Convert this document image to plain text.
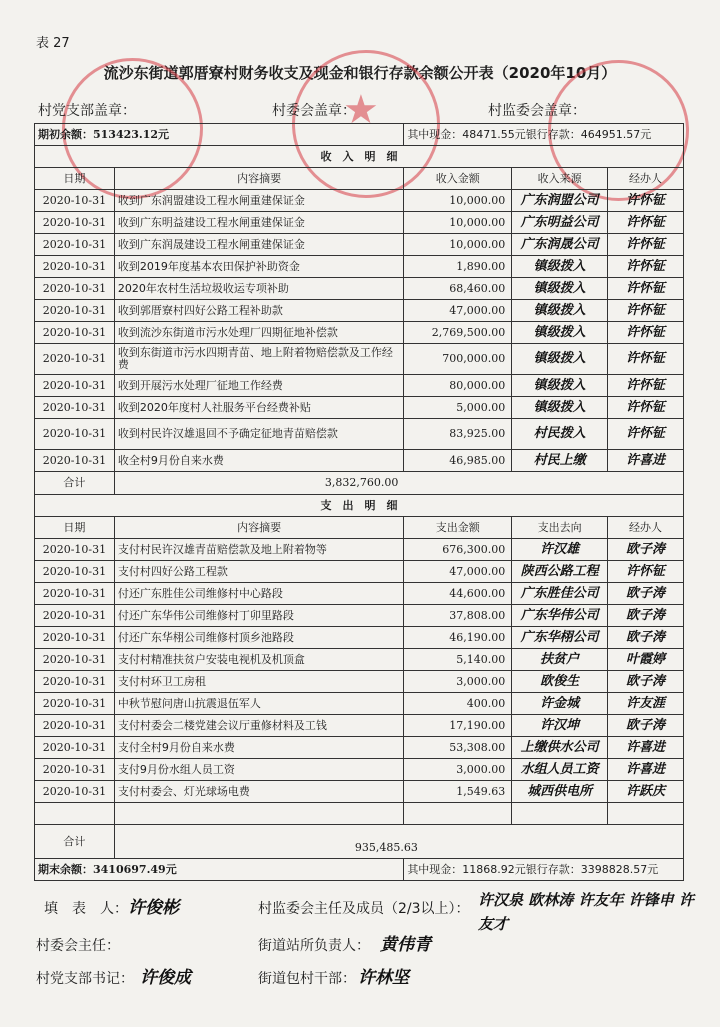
表 27
流沙东街道郭厝寮村财务收支及现金和银行存款余额公开表（2020年10月）
★
村党支部盖章：	村委会盖章：	村监委会盖章：
期初余额：513423.12元		其中现金：48471.55元银行存款：464951.57元		
收　入　明　细				
日期	内容摘要	收入金额	收入来源	经办人
2020-10-31	收到广东润盟建设工程水闸重建保证金	10,000.00	广东润盟公司	许怀钲
2020-10-31	收到广东明益建设工程水闸重建保证金	10,000.00	广东明益公司	许怀钲
2020-10-31	收到广东润晟建设工程水闸重建保证金	10,000.00	广东润晟公司	许怀钲
2020-10-31	收到2019年度基本农田保护补助资金	1,890.00	镇级拨入	许怀钲
2020-10-31	2020年农村生活垃圾收运专项补助	68,460.00	镇级拨入	许怀钲
2020-10-31	收到郭厝寮村四好公路工程补助款	47,000.00	镇级拨入	许怀钲
2020-10-31	收到流沙东街道市污水处理厂四期征地补偿款	2,769,500.00	镇级拨入	许怀钲
2020-10-31	收到东街道市污水四期青苗、地上附着物赔偿款及工作经费	700,000.00	镇级拨入	许怀钲
2020-10-31	收到开展污水处理厂征地工作经费	80,000.00	镇级拨入	许怀钲
2020-10-31	收到2020年度村人社服务平台经费补贴	5,000.00	镇级拨入	许怀钲
2020-10-31	收到村民许汉雄退回不予确定征地青苗赔偿款	83,925.00	村民拨入	许怀钲
2020-10-31	收全村9月份自来水费	46,985.00	村民上缴	许喜进
合计	3,832,760.00			
支　出　明　细				
日期	内容摘要	支出金额	支出去向	经办人
2020-10-31	支付村民许汉雄青苗赔偿款及地上附着物等	676,300.00	许汉雄	欧子涛
2020-10-31	支付村四好公路工程款	47,000.00	陕西公路工程	许怀钲
2020-10-31	付还广东胜佳公司维修村中心路段	44,600.00	广东胜佳公司	欧子涛
2020-10-31	付还广东华伟公司维修村丁卯里路段	37,808.00	广东华伟公司	欧子涛
2020-10-31	付还广东华栩公司维修村顶乡池路段	46,190.00	广东华栩公司	欧子涛
2020-10-31	支付村精准扶贫户安装电视机及机顶盒	5,140.00	扶贫户	叶霞婷
2020-10-31	支付村环卫工房租	3,000.00	欧俊生	欧子涛
2020-10-31	中秋节慰问唐山抗震退伍军人	400.00	许金城	许友涯
2020-10-31	支付村委会二楼党建会议厅重修材料及工钱	17,190.00	许汉坤	欧子涛
2020-10-31	支付全村9月份自来水费	53,308.00	上缴供水公司	许喜进
2020-10-31	支付9月份水组人员工资	3,000.00	水组人员工资	许喜进
2020-10-31	支付村委会、灯光球场电费	1,549.63	城西供电所	许跃庆

合计	935,485.63			
期末余额：3410697.49元		其中现金：11868.92元银行存款：3398828.57元		
填　表　人： 许俊彬
村委会主任：
村党支部书记： 许俊成
村监委会主任及成员（2/3以上）： 许汉泉 欧林涛 许友年 许锋申 许友才
街道站所负责人： 黄伟青
街道包村干部： 许林坚
